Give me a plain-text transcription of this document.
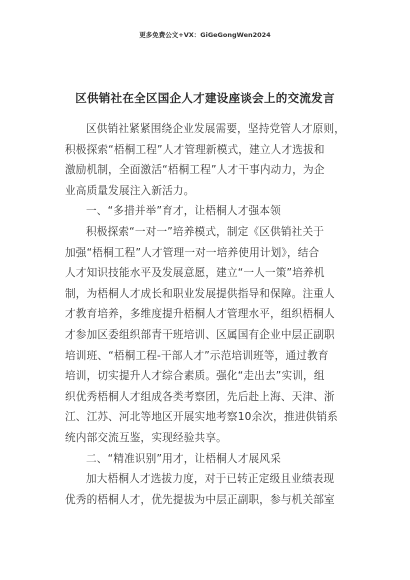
更多免费公文+VX：GiGeGongWen2024
区供销社在全区国企人才建设座谈会上的交流发言
区供销社紧紧围绕企业发展需要，坚持党管人才原则，
积极探索“梧桐工程”人才管理新模式，建立人才选拔和
激励机制，全面激活“梧桐工程”人才干事内动力，为企
业高质量发展注入新活力。
一、“多措并举”育才，让梧桐人才强本领
积极探索“一对一”培养模式，制定《区供销社关于
加强“梧桐工程”人才管理一对一培养使用计划》，结合
人才知识技能水平及发展意愿，建立“一人一策”培养机
制，为梧桐人才成长和职业发展提供指导和保障。注重人
才教育培养，多维度提升梧桐人才管理水平，组织梧桐人
才参加区委组织部青干班培训、区属国有企业中层正副职
培训班、“梧桐工程-干部人才”示范培训班等，通过教育
培训，切实提升人才综合素质。强化“走出去”实训，组
织优秀梧桐人才组成各类考察团，先后赴上海、天津、浙
江、江苏、河北等地区开展实地考察10余次，推进供销系
统内部交流互鉴，实现经验共享。
二、“精准识别”用才，让梧桐人才展风采
加大梧桐人才选拔力度，对于已转正定级且业绩表现
优秀的梧桐人才，优先提拔为中层正副职，参与机关部室
